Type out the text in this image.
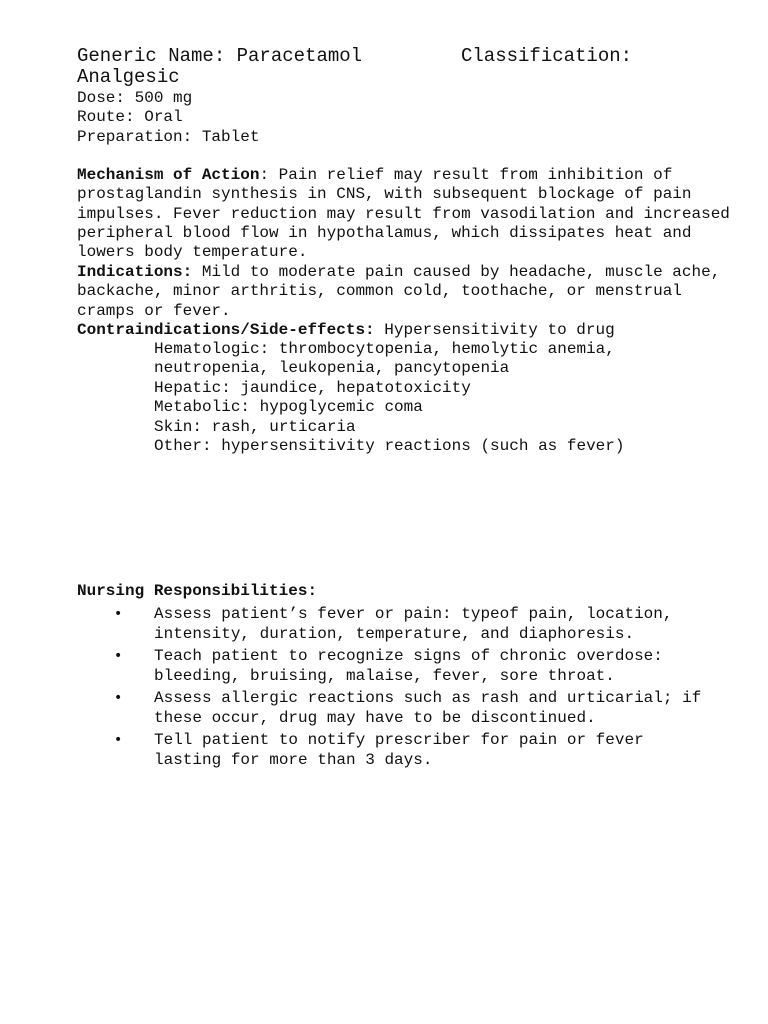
Generic Name: Paracetamol	Classification:
Analgesic
Dose: 500 mg
Route: Oral
Preparation: Tablet

Mechanism of Action: Pain relief may result from inhibition of prostaglandin synthesis in CNS, with subsequent blockage of pain impulses. Fever reduction may result from vasodilation and increased peripheral blood flow in hypothalamus, which dissipates heat and lowers body temperature.

Indications: Mild to moderate pain caused by headache, muscle ache, backache, minor arthritis, common cold, toothache, or menstrual cramps or fever.

Contraindications/Side-effects: Hypersensitivity to drug

Hematologic: thrombocytopenia, hemolytic anemia,
neutropenia, leukopenia, pancytopenia
Hepatic: jaundice, hepatotoxicity
Metabolic: hypoglycemic coma
Skin: rash, urticaria
Other: hypersensitivity reactions (such as fever)
Nursing Responsibilities:
• Assess patient’s fever or pain: typeof pain, location, intensity, duration, temperature, and diaphoresis.
• Teach patient to recognize signs of chronic overdose: bleeding, bruising, malaise, fever, sore throat.
• Assess allergic reactions such as rash and urticarial; if these occur, drug may have to be discontinued.
• Tell patient to notify prescriber for pain or fever lasting for more than 3 days.
